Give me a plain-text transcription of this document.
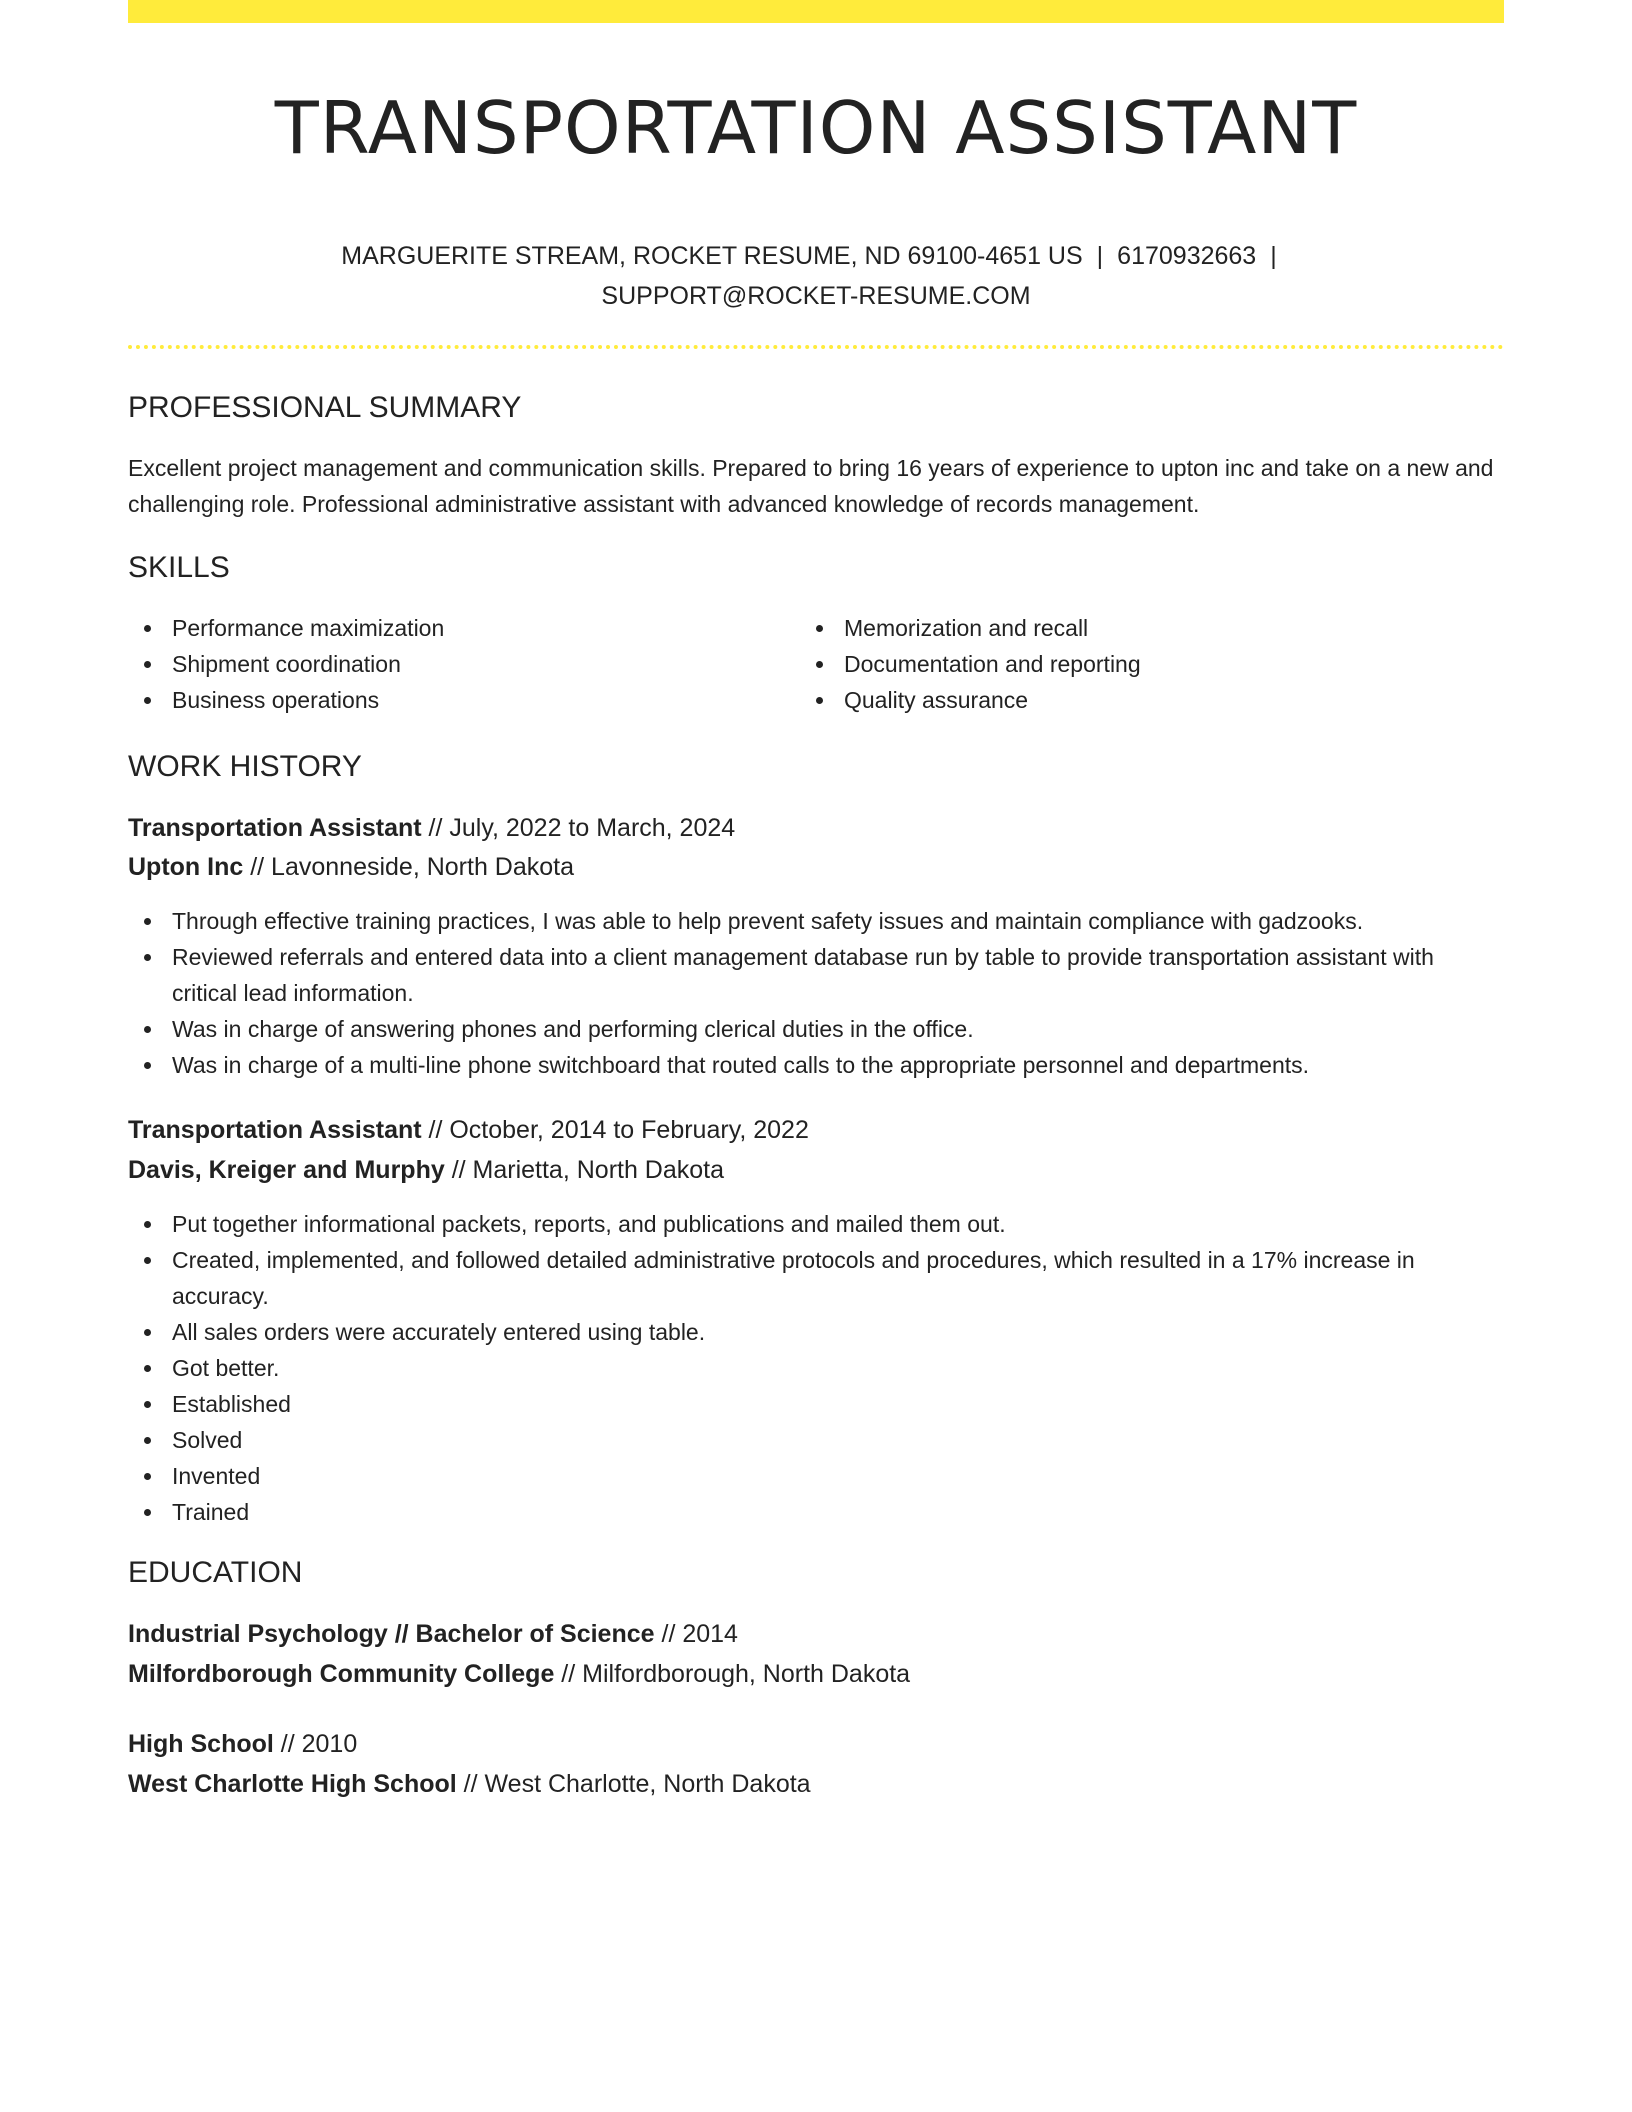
TRANSPORTATION ASSISTANT
MARGUERITE STREAM, ROCKET RESUME, ND 69100-4651 US | 6170932663 |
SUPPORT@ROCKET-RESUME.COM
PROFESSIONAL SUMMARY

Excellent project management and communication skills. Prepared to bring 16 years of experience to upton inc and take on a new and challenging role. Professional administrative assistant with advanced knowledge of records management.

SKILLS
Performance maximization
Shipment coordination
Business operations
Memorization and recall
Documentation and reporting
Quality assurance
WORK HISTORY
Transportation Assistant // July, 2022 to March, 2024
Upton Inc // Lavonneside, North Dakota
Through effective training practices, I was able to help prevent safety issues and maintain compliance with gadzooks.
Reviewed referrals and entered data into a client management database run by table to provide transportation assistant with critical lead information.
Was in charge of answering phones and performing clerical duties in the office.
Was in charge of a multi-line phone switchboard that routed calls to the appropriate personnel and departments.
Transportation Assistant // October, 2014 to February, 2022
Davis, Kreiger and Murphy // Marietta, North Dakota
Put together informational packets, reports, and publications and mailed them out.
Created, implemented, and followed detailed administrative protocols and procedures, which resulted in a 17% increase in accuracy.
All sales orders were accurately entered using table.
Got better.
Established
Solved
Invented
Trained
EDUCATION
Industrial Psychology // Bachelor of Science // 2014
Milfordborough Community College // Milfordborough, North Dakota
High School // 2010
West Charlotte High School // West Charlotte, North Dakota
